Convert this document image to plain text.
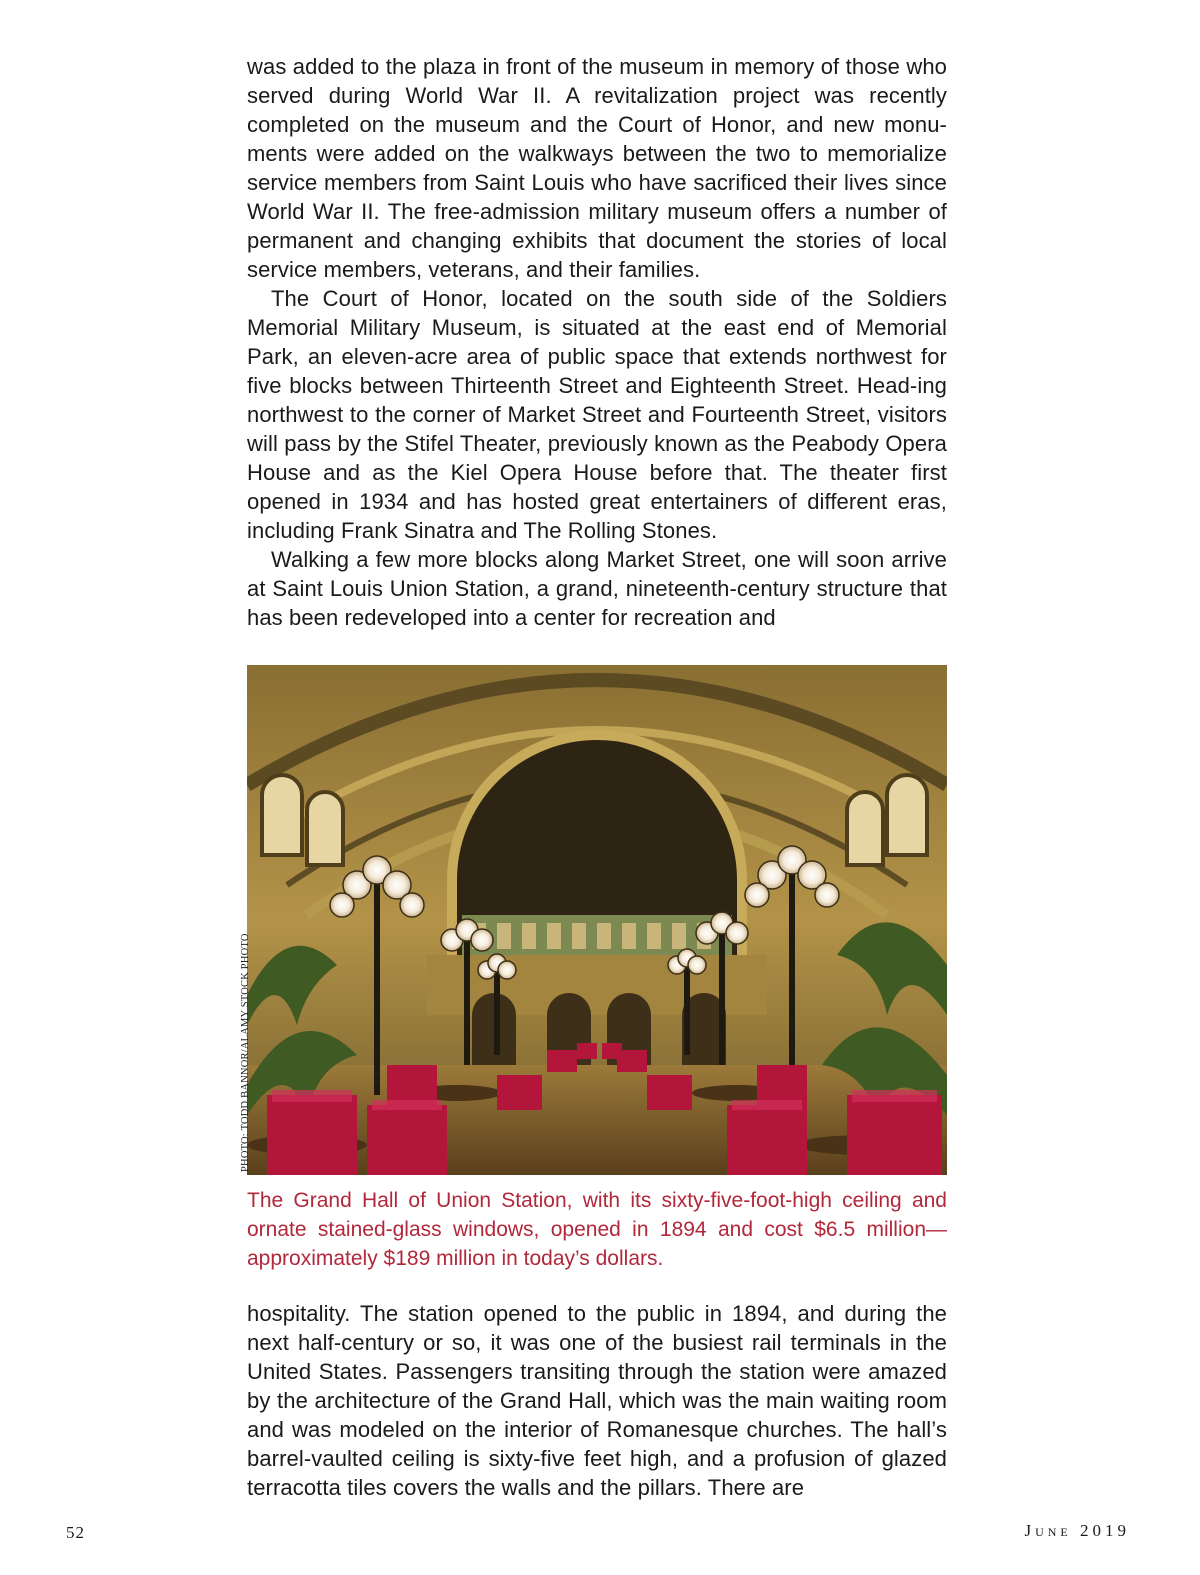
was added to the plaza in front of the museum in memory of those who served during World War II. A revitalization project was recently completed on the museum and the Court of Honor, and new monu-ments were added on the walkways between the two to memorialize service members from Saint Louis who have sacrificed their lives since World War II. The free-admission military museum offers a number of permanent and changing exhibits that document the stories of local service members, veterans, and their families.

The Court of Honor, located on the south side of the Soldiers Memorial Military Museum, is situated at the east end of Memorial Park, an eleven-acre area of public space that extends northwest for five blocks between Thirteenth Street and Eighteenth Street. Head-ing northwest to the corner of Market Street and Fourteenth Street, visitors will pass by the Stifel Theater, previously known as the Peabody Opera House and as the Kiel Opera House before that. The theater first opened in 1934 and has hosted great entertainers of different eras, including Frank Sinatra and The Rolling Stones.

Walking a few more blocks along Market Street, one will soon arrive at Saint Louis Union Station, a grand, nineteenth-century structure that has been redeveloped into a center for recreation and

PHOTO: TODD BANNOR/ALAMY STOCK PHOTO

The Grand Hall of Union Station, with its sixty-five-foot-high ceiling and ornate stained-glass windows, opened in 1894 and cost $6.5 million—approximately $189 million in today’s dollars.

hospitality. The station opened to the public in 1894, and during the next half-century or so, it was one of the busiest rail terminals in the United States. Passengers transiting through the station were amazed by the architecture of the Grand Hall, which was the main waiting room and was modeled on the interior of Romanesque churches. The hall’s barrel-vaulted ceiling is sixty-five feet high, and a profusion of glazed terracotta tiles covers the walls and the pillars. There are

52	June 2019
